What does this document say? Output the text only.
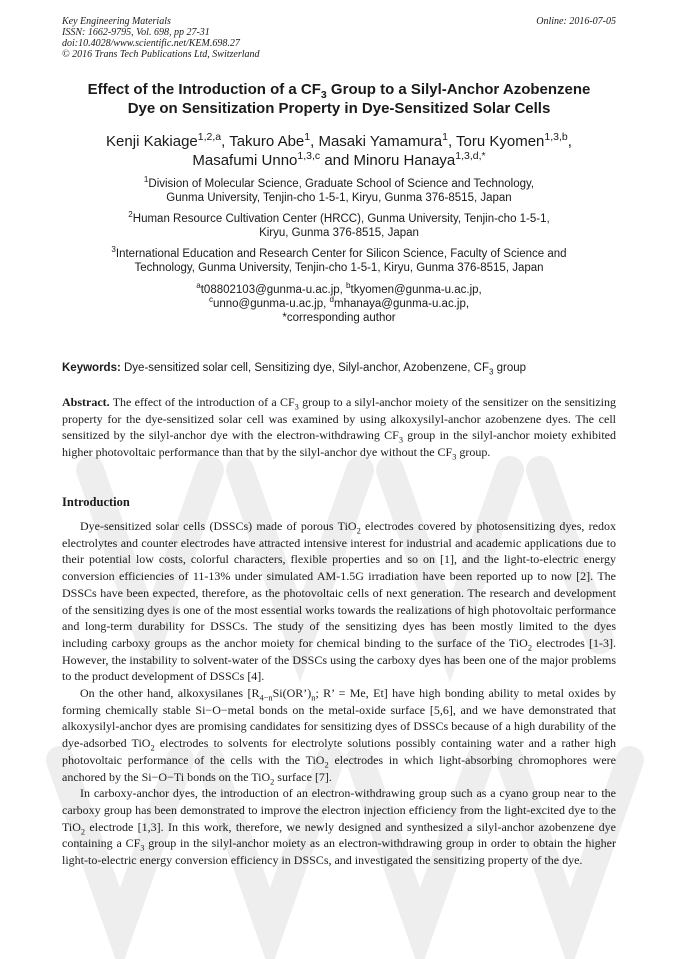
Key Engineering Materials
ISSN: 1662-9795, Vol. 698, pp 27-31
doi:10.4028/www.scientific.net/KEM.698.27
© 2016 Trans Tech Publications Ltd, Switzerland
Online: 2016-07-05
Effect of the Introduction of a $CF_3$ Group to a Silyl-Anchor Azobenzene
Dye on Sensitization Property in Dye-Sensitized Solar Cells
Kenji Kakiage$^{1,2,a}$, Takuro Abe$^1$, Masaki Yamamura$^1$, Toru Kyomen$^{1,3,b}$,
Masafumi Unno$^{1,3,c}$ and Minoru Hanaya$^{1,3,d,*}$
$^1$Division of Molecular Science, Graduate School of Science and Technology,
Gunma University, Tenjin-cho 1-5-1, Kiryu, Gunma 376-8515, Japan
$^2$Human Resource Cultivation Center (HRCC), Gunma University, Tenjin-cho 1-5-1,
Kiryu, Gunma 376-8515, Japan
$^3$International Education and Research Center for Silicon Science, Faculty of Science and
Technology, Gunma University, Tenjin-cho 1-5-1, Kiryu, Gunma 376-8515, Japan
$^a$t08802103@gunma-u.ac.jp, $^b$tkyomen@gunma-u.ac.jp,
$^c$unno@gunma-u.ac.jp, $^d$mhanaya@gunma-u.ac.jp,
*corresponding author
Keywords: Dye-sensitized solar cell, Sensitizing dye, Silyl-anchor, Azobenzene, $CF_3$ group

Abstract. The effect of the introduction of a $CF_3$ group to a silyl-anchor moiety of the sensitizer on the sensitizing property for the dye-sensitized solar cell was examined by using alkoxysilyl-anchor azobenzene dyes. The cell sensitized by the silyl-anchor dye with the electron-withdrawing $CF_3$ group in the silyl-anchor moiety exhibited higher photovoltaic performance than that by the silyl-anchor dye without the $CF_3$ group.

Introduction

Dye-sensitized solar cells (DSSCs) made of porous TiO$_2$ electrodes covered by photosensitizing dyes, redox electrolytes and counter electrodes have attracted intensive interest for industrial and academic applications due to their potential low costs, colorful characters, flexible properties and so on [1], and the light-to-electric energy conversion efficiencies of 11-13% under simulated AM-1.5G irradiation have been reported up to now [2]. The DSSCs have been expected, therefore, as the photovoltaic cells of next generation. The research and development of the sensitizing dyes is one of the most essential works towards the realizations of high photovoltaic performance and long-term durability for DSSCs. The study of the sensitizing dyes has been mostly limited to the dyes including carboxy groups as the anchor moiety for chemical binding to the surface of the TiO$_2$ electrodes [1-3]. However, the instability to solvent-water of the DSSCs using the carboxy dyes has been one of the major problems to the product development of DSSCs [4].

On the other hand, alkoxysilanes [$R_{4-n}Si(OR’)_n$; R’ = Me, Et] have high bonding ability to metal oxides by forming chemically stable Si−O−metal bonds on the metal-oxide surface [5,6], and we have demonstrated that alkoxysilyl-anchor dyes are promising candidates for sensitizing dyes of DSSCs because of a high durability of the dye-adsorbed TiO$_2$ electrodes to solvents for electrolyte solutions possibly containing water and a rather high photovoltaic performance of the cells with the TiO$_2$ electrodes in which light-absorbing chromophores were anchored by the Si−O−Ti bonds on the TiO$_2$ surface [7].

In carboxy-anchor dyes, the introduction of an electron-withdrawing group such as a cyano group near to the carboxy group has been demonstrated to improve the electron injection efficiency from the light-excited dye to the TiO$_2$ electrode [1,3]. In this work, therefore, we newly designed and synthesized a silyl-anchor azobenzene dye containing a $CF_3$ group in the silyl-anchor moiety as an electron-withdrawing group in order to obtain the higher light-to-electric energy conversion efficiency in DSSCs, and investigated the sensitizing property of the dye.
